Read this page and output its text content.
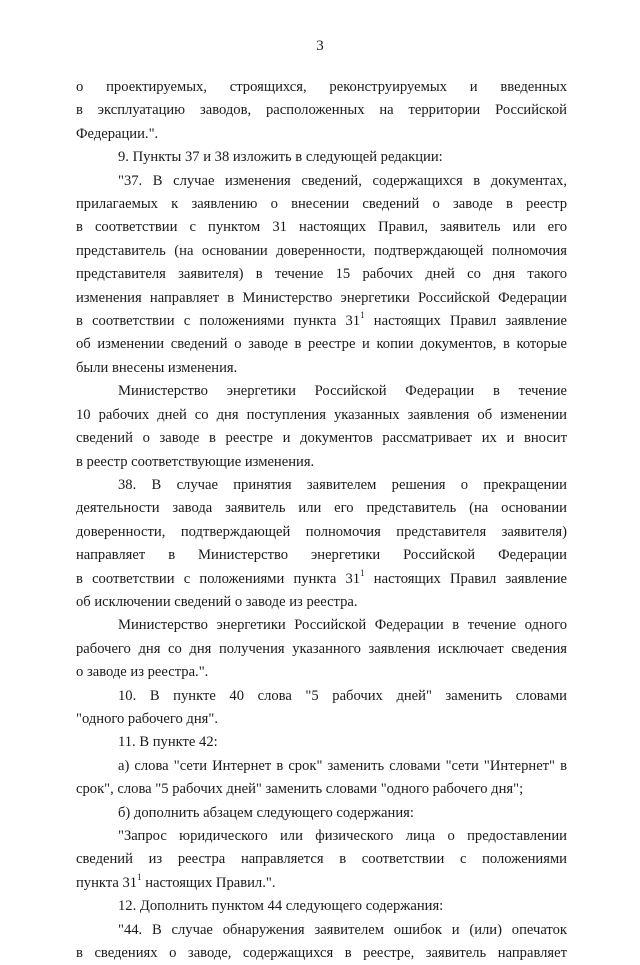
3
о проектируемых, строящихся, реконструируемых и введенных
в эксплуатацию заводов, расположенных на территории Российской
Федерации.".
9. Пункты 37 и 38 изложить в следующей редакции:
"37. В случае изменения сведений, содержащихся в документах,
прилагаемых к заявлению о внесении сведений о заводе в реестр
в соответствии с пунктом 31 настоящих Правил, заявитель или его
представитель (на основании доверенности, подтверждающей полномочия
представителя заявителя) в течение 15 рабочих дней со дня такого
изменения направляет в Министерство энергетики Российской Федерации
в соответствии с положениями пункта $31^1$ настоящих Правил заявление
об изменении сведений о заводе в реестре и копии документов, в которые
были внесены изменения.
Министерство энергетики Российской Федерации в течение
10 рабочих дней со дня поступления указанных заявления об изменении
сведений о заводе в реестре и документов рассматривает их и вносит
в реестр соответствующие изменения.
38. В случае принятия заявителем решения о прекращении
деятельности завода заявитель или его представитель (на основании
доверенности, подтверждающей полномочия представителя заявителя)
направляет в Министерство энергетики Российской Федерации
в соответствии с положениями пункта $31^1$ настоящих Правил заявление
об исключении сведений о заводе из реестра.
Министерство энергетики Российской Федерации в течение одного
рабочего дня со дня получения указанного заявления исключает сведения
о заводе из реестра.".
10. В пункте 40 слова "5 рабочих дней" заменить словами
"одного рабочего дня".
11. В пункте 42:
а) слова "сети Интернет в срок" заменить словами "сети "Интернет" в
срок", слова "5 рабочих дней" заменить словами "одного рабочего дня";
б) дополнить абзацем следующего содержания:
"Запрос юридического или физического лица о предоставлении
сведений из реестра направляется в соответствии с положениями
пункта $31^1$ настоящих Правил.".
12. Дополнить пунктом 44 следующего содержания:
"44. В случае обнаружения заявителем ошибок и (или) опечаток
в сведениях о заводе, содержащихся в реестре, заявитель направляет
